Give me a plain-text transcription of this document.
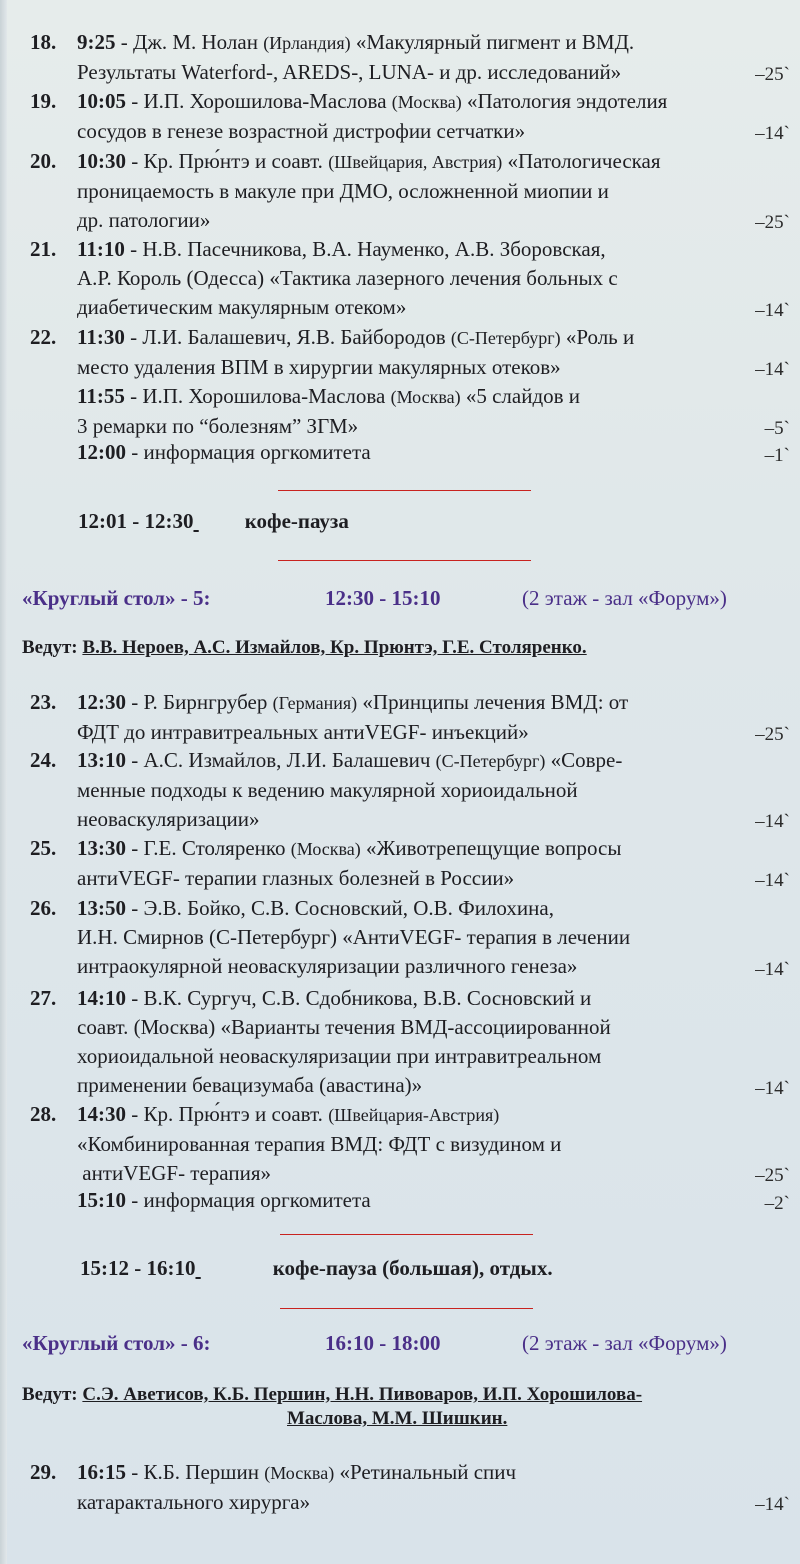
18. 9:25 - Дж. М. Нолан (Ирландия) «Макулярный пигмент и ВМД.
Результаты Waterford-, AREDS-, LUNA- и др. исследований»	–25`
19. 10:05 - И.П. Хорошилова-Маслова (Москва) «Патология эндотелия
сосудов в генезе возрастной дистрофии сетчатки»	–14`
20. 10:30 - Кр. Прю́нтэ и соавт. (Швейцария, Австрия) «Патологическая
проницаемость в макуле при ДМО, осложненной миопии и
др. патологии»	–25`
21. 11:10 - Н.В. Пасечникова, В.А. Науменко, А.В. Зборовская,
А.Р. Король (Одесса) «Тактика лазерного лечения больных с
диабетическим макулярным отеком»	–14`
22. 11:30 - Л.И. Балашевич, Я.В. Байбородов (С-Петербург) «Роль и
место удаления ВПМ в хирургии макулярных отеков»	–14`
11:55 - И.П. Хорошилова-Маслова (Москва) «5 слайдов и
3 ремарки по “болезням” ЗГМ»	–5`
12:00 - информация оргкомитета	–1`
12:01 - 12:30 кофе-пауза
«Круглый стол» - 5:	12:30 - 15:10	(2 этаж - зал «Форум»)
Ведут: В.В. Нероев, А.С. Измайлов, Кр. Прюнтэ, Г.Е. Столяренко.
23. 12:30 - Р. Бирнгрубер (Германия) «Принципы лечения ВМД: от
ФДТ до интравитреальных антиVEGF- инъекций»	–25`
24. 13:10 - А.С. Измайлов, Л.И. Балашевич (С-Петербург) «Совре-
менные подходы к ведению макулярной хориоидальной
неоваскуляризации»	–14`
25. 13:30 - Г.Е. Столяренко (Москва) «Животрепещущие вопросы
антиVEGF- терапии глазных болезней в России»	–14`
26. 13:50 - Э.В. Бойко, С.В. Сосновский, О.В. Филохина,
И.Н. Смирнов (С-Петербург) «АнтиVEGF- терапия в лечении
интраокулярной неоваскуляризации различного генеза»	–14`
27. 14:10 - В.К. Сургуч, С.В. Сдобникова, В.В. Сосновский и
соавт. (Москва) «Варианты течения ВМД-ассоциированной
хориоидальной неоваскуляризации при интравитреальном
применении бевацизумаба (авастина)»	–14`
28. 14:30 - Кр. Прю́нтэ и соавт. (Швейцария-Австрия)
«Комбинированная терапия ВМД: ФДТ с визудином и
антиVEGF- терапия»	–25`
15:10 - информация оргкомитета	–2`
15:12 - 16:10	кофе-пауза (большая), отдых.
«Круглый стол» - 6:	16:10 - 18:00	(2 этаж - зал «Форум»)
Ведут: С.Э. Аветисов, К.Б. Першин, Н.Н. Пивоваров, И.П. Хорошилова-
Маслова, М.М. Шишкин.
29. 16:15 - К.Б. Першин (Москва) «Ретинальный спич
катарактального хирурга»	–14`
